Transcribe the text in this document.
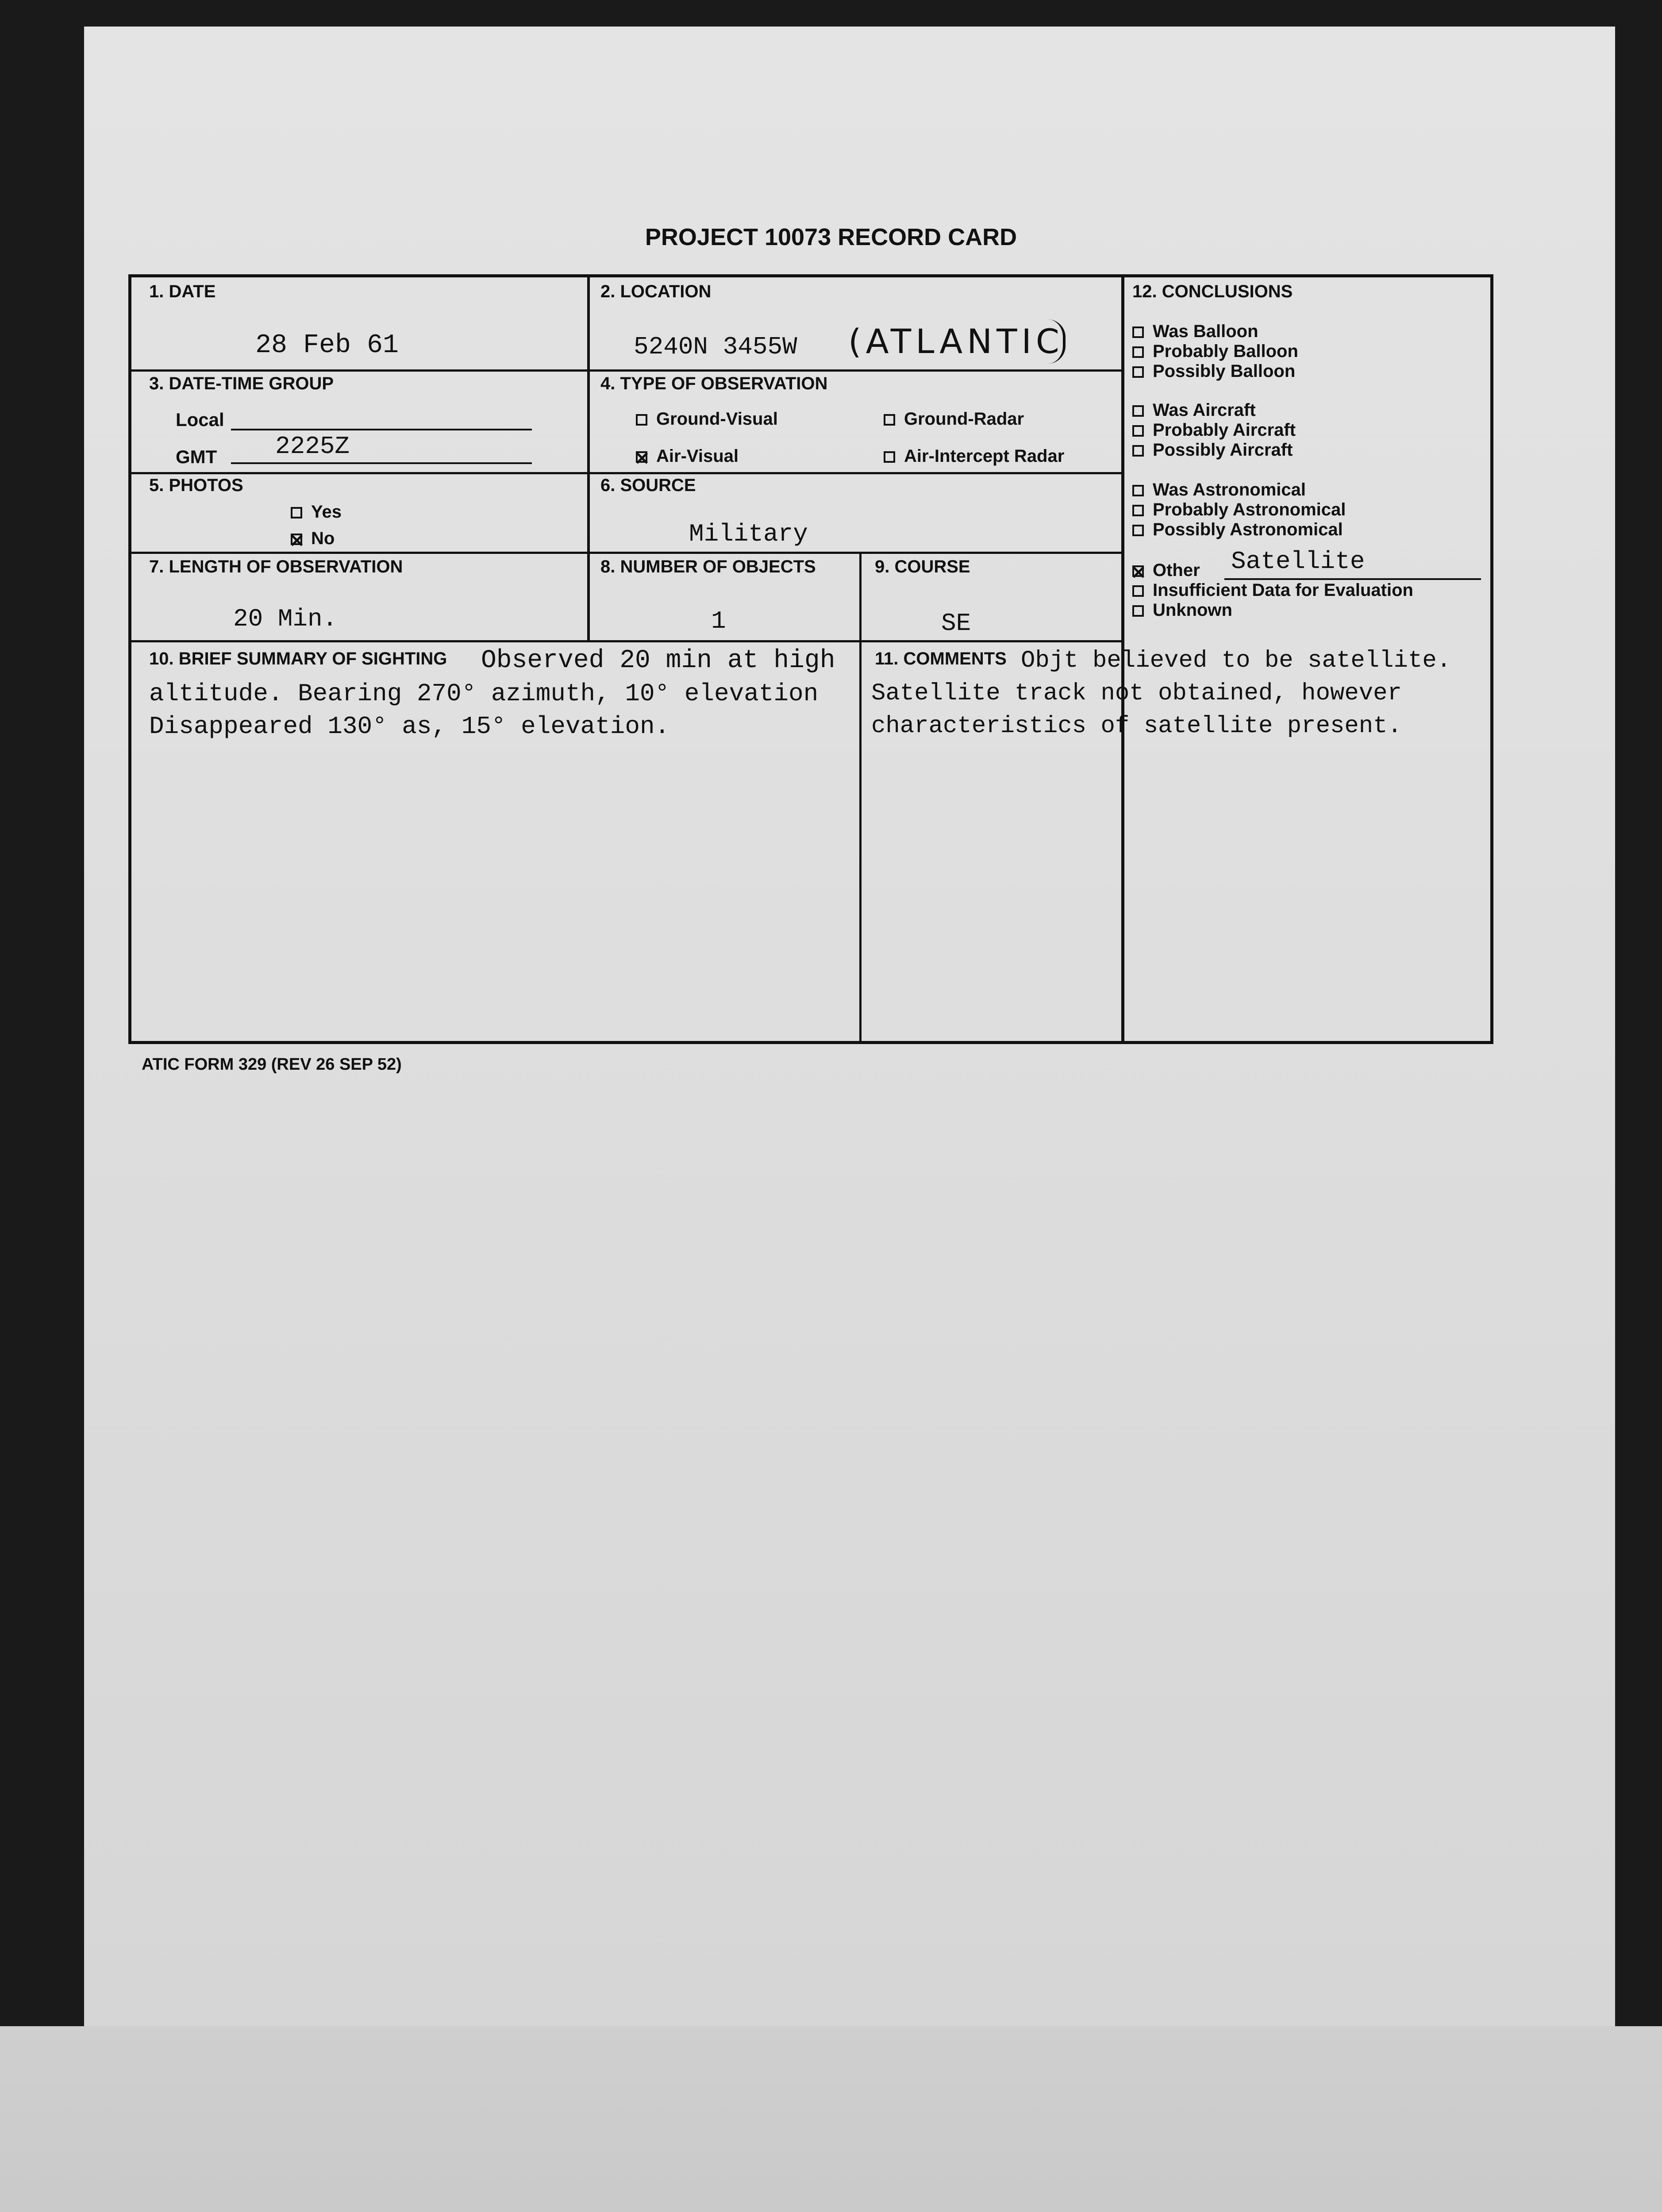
PROJECT 10073 RECORD CARD
1. DATE
28 Feb 61
2. LOCATION
5240N 3455W (ATLANTIC
3. DATE-TIME GROUP
Local
GMT 2225Z
4. TYPE OF OBSERVATION
Ground-Visual	Ground-Radar
Air-Visual	Air-Intercept Radar
5. PHOTOS
Yes
No
6. SOURCE
Military
7. LENGTH OF OBSERVATION
20 Min.
8. NUMBER OF OBJECTS
1
9. COURSE
SE
10. BRIEF SUMMARY OF SIGHTING Observed 20 min at high
altitude. Bearing 270° azimuth, 10° elevation
Disappeared 130° as, 15° elevation.
11. COMMENTS Objt believed to be satellite.
Satellite track not obtained, however
characteristics of satellite present.
12. CONCLUSIONS
Was Balloon
Probably Balloon
Possibly Balloon
Was Aircraft
Probably Aircraft
Possibly Aircraft
Was Astronomical
Probably Astronomical
Possibly Astronomical
Other Satellite
Insufficient Data for Evaluation
Unknown
ATIC FORM 329 (REV 26 SEP 52)
